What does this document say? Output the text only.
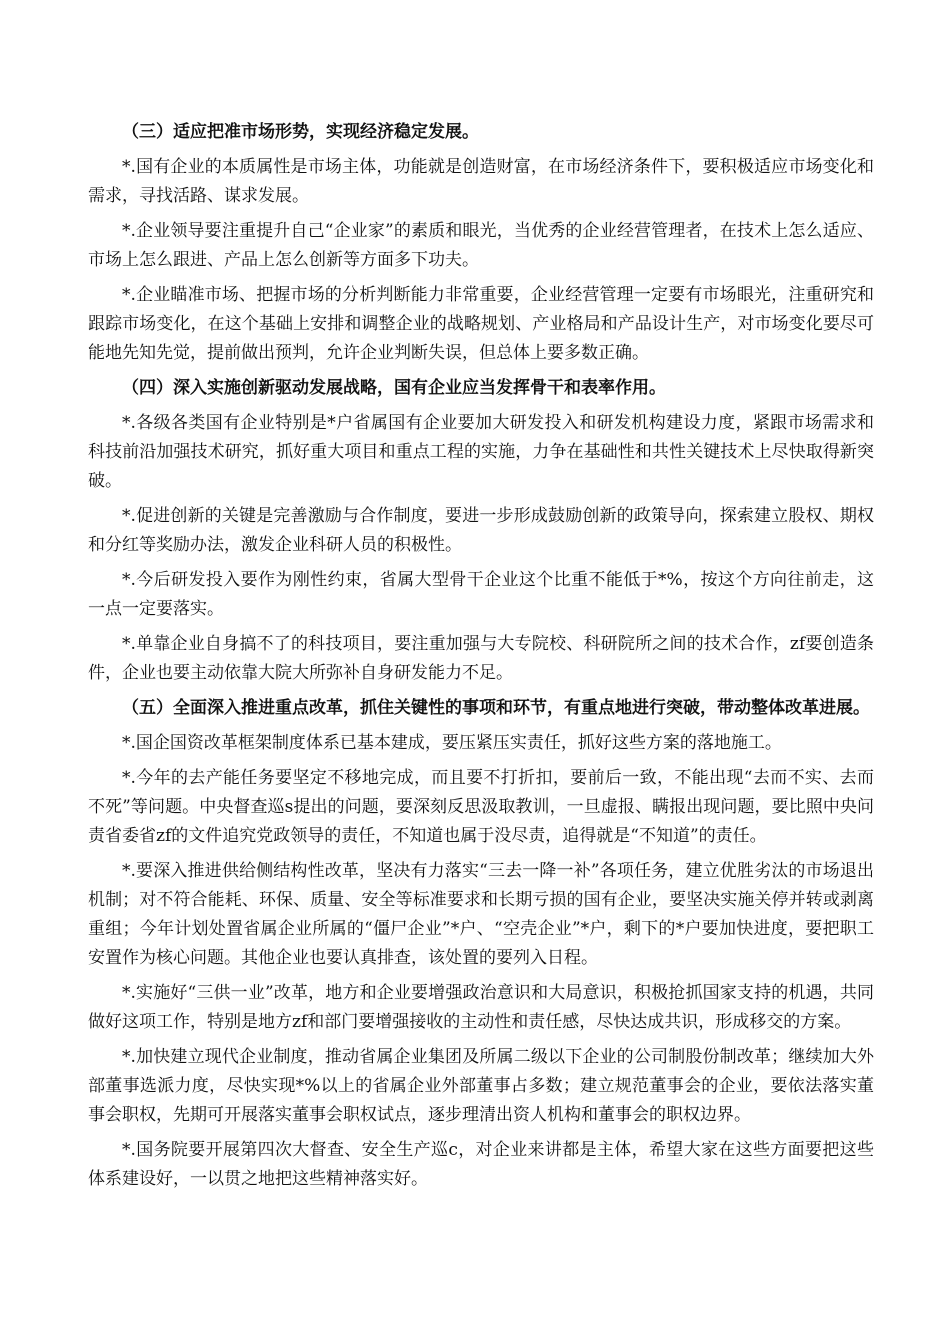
（三）适应把准市场形势，实现经济稳定发展。

*.国有企业的本质属性是市场主体，功能就是创造财富，在市场经济条件下，要积极适应市场变化和需求，寻找活路、谋求发展。

*.企业领导要注重提升自己“企业家”的素质和眼光，当优秀的企业经营管理者，在技术上怎么适应、市场上怎么跟进、产品上怎么创新等方面多下功夫。

*.企业瞄准市场、把握市场的分析判断能力非常重要，企业经营管理一定要有市场眼光，注重研究和跟踪市场变化，在这个基础上安排和调整企业的战略规划、产业格局和产品设计生产，对市场变化要尽可能地先知先觉，提前做出预判，允许企业判断失误，但总体上要多数正确。

（四）深入实施创新驱动发展战略，国有企业应当发挥骨干和表率作用。

*.各级各类国有企业特别是*户省属国有企业要加大研发投入和研发机构建设力度，紧跟市场需求和科技前沿加强技术研究，抓好重大项目和重点工程的实施，力争在基础性和共性关键技术上尽快取得新突破。

*.促进创新的关键是完善激励与合作制度，要进一步形成鼓励创新的政策导向，探索建立股权、期权和分红等奖励办法，激发企业科研人员的积极性。

*.今后研发投入要作为刚性约束，省属大型骨干企业这个比重不能低于*%，按这个方向往前走，这一点一定要落实。

*.单靠企业自身搞不了的科技项目，要注重加强与大专院校、科研院所之间的技术合作，zf要创造条件，企业也要主动依靠大院大所弥补自身研发能力不足。

（五）全面深入推进重点改革，抓住关键性的事项和环节，有重点地进行突破，带动整体改革进展。

*.国企国资改革框架制度体系已基本建成，要压紧压实责任，抓好这些方案的落地施工。

*.今年的去产能任务要坚定不移地完成，而且要不打折扣，要前后一致，不能出现“去而不实、去而不死”等问题。中央督查巡s提出的问题，要深刻反思汲取教训，一旦虚报、瞒报出现问题，要比照中央问责省委省zf的文件追究党政领导的责任，不知道也属于没尽责，追得就是“不知道”的责任。

*.要深入推进供给侧结构性改革，坚决有力落实“三去一降一补”各项任务，建立优胜劣汰的市场退出机制；对不符合能耗、环保、质量、安全等标准要求和长期亏损的国有企业，要坚决实施关停并转或剥离重组；今年计划处置省属企业所属的“僵尸企业”*户、“空壳企业”*户，剩下的*户要加快进度，要把职工安置作为核心问题。其他企业也要认真排查，该处置的要列入日程。

*.实施好“三供一业”改革，地方和企业要增强政治意识和大局意识，积极抢抓国家支持的机遇，共同做好这项工作，特别是地方zf和部门要增强接收的主动性和责任感，尽快达成共识，形成移交的方案。

*.加快建立现代企业制度，推动省属企业集团及所属二级以下企业的公司制股份制改革；继续加大外部董事选派力度，尽快实现*%以上的省属企业外部董事占多数；建立规范董事会的企业，要依法落实董事会职权，先期可开展落实董事会职权试点，逐步理清出资人机构和董事会的职权边界。

*.国务院要开展第四次大督查、安全生产巡c，对企业来讲都是主体，希望大家在这些方面要把这些体系建设好，一以贯之地把这些精神落实好。
